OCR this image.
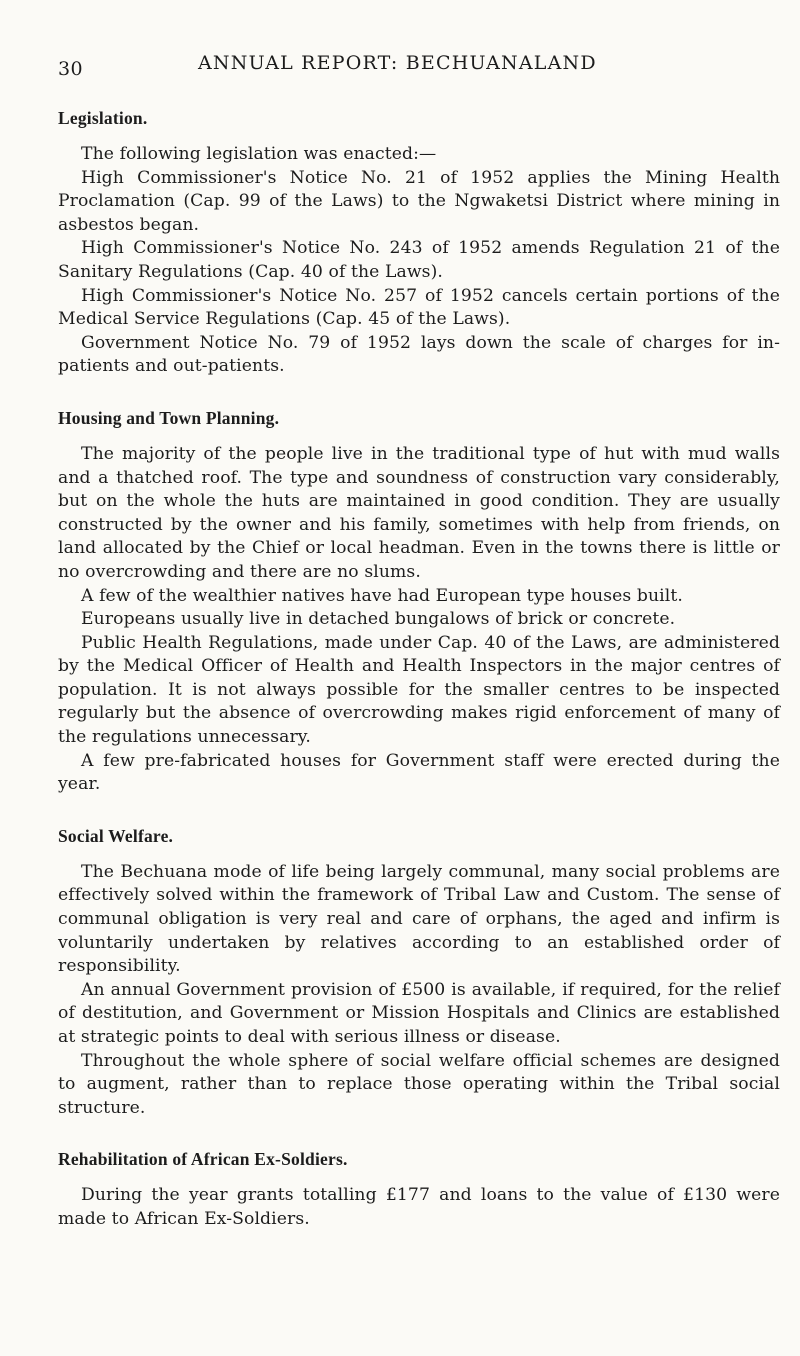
30	ANNUAL REPORT: BECHUANALAND
Legislation.

The following legislation was enacted:—

High Commissioner's Notice No. 21 of 1952 applies the Mining Health Proclamation (Cap. 99 of the Laws) to the Ngwaketsi District where mining in asbestos began.

High Commissioner's Notice No. 243 of 1952 amends Regulation 21 of the Sanitary Regulations (Cap. 40 of the Laws).

High Commissioner's Notice No. 257 of 1952 cancels certain portions of the Medical Service Regulations (Cap. 45 of the Laws).

Government Notice No. 79 of 1952 lays down the scale of charges for in-patients and out-patients.

Housing and Town Planning.

The majority of the people live in the traditional type of hut with mud walls and a thatched roof. The type and soundness of construction vary considerably, but on the whole the huts are maintained in good condition. They are usually constructed by the owner and his family, sometimes with help from friends, on land allocated by the Chief or local headman. Even in the towns there is little or no overcrowding and there are no slums.

A few of the wealthier natives have had European type houses built.

Europeans usually live in detached bungalows of brick or concrete.

Public Health Regulations, made under Cap. 40 of the Laws, are administered by the Medical Officer of Health and Health Inspectors in the major centres of population. It is not always possible for the smaller centres to be inspected regularly but the absence of overcrowding makes rigid enforcement of many of the regulations unnecessary.

A few pre-fabricated houses for Government staff were erected during the year.

Social Welfare.

The Bechuana mode of life being largely communal, many social problems are effectively solved within the framework of Tribal Law and Custom. The sense of communal obligation is very real and care of orphans, the aged and infirm is voluntarily undertaken by relatives according to an established order of responsibility.

An annual Government provision of £500 is available, if required, for the relief of destitution, and Government or Mission Hospitals and Clinics are established at strategic points to deal with serious illness or disease.

Throughout the whole sphere of social welfare official schemes are designed to augment, rather than to replace those operating within the Tribal social structure.

Rehabilitation of African Ex-Soldiers.

During the year grants totalling £177 and loans to the value of £130 were made to African Ex-Soldiers.
